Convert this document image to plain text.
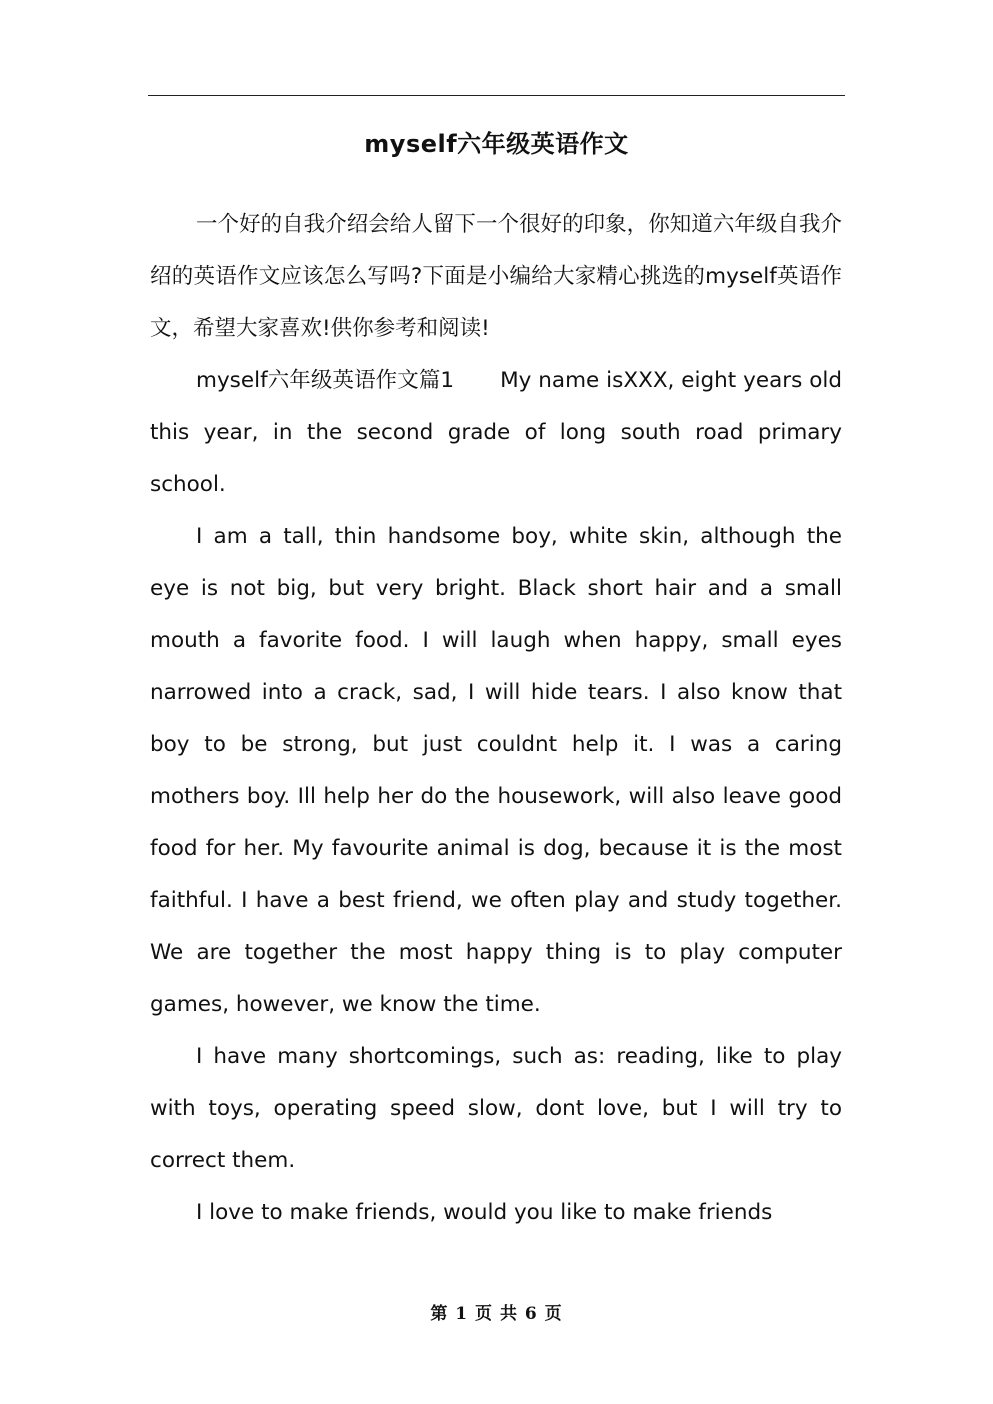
myself六年级英语作文

一个好的自我介绍会给人留下一个很好的印象，你知道六年级自我介绍的英语作文应该怎么写吗?下面是小编给大家精心挑选的myself英语作文，希望大家喜欢!供你参考和阅读!

myself六年级英语作文篇1 My name isXXX, eight years old this year, in the second grade of long south road primary school.

I am a tall, thin handsome boy, white skin, although the eye is not big, but very bright. Black short hair and a small mouth a favorite food. I will laugh when happy, small eyes narrowed into a crack, sad, I will hide tears. I also know that boy to be strong, but just couldnt help it. I was a caring mothers boy. Ill help her do the housework, will also leave good food for her. My favourite animal is dog, because it is the most faithful. I have a best friend, we often play and study together. We are together the most happy thing is to play computer games, however, we know the time.

I have many shortcomings, such as: reading, like to play with toys, operating speed slow, dont love, but I will try to correct them.

I love to make friends, would you like to make friends

第 1 页 共 6 页
